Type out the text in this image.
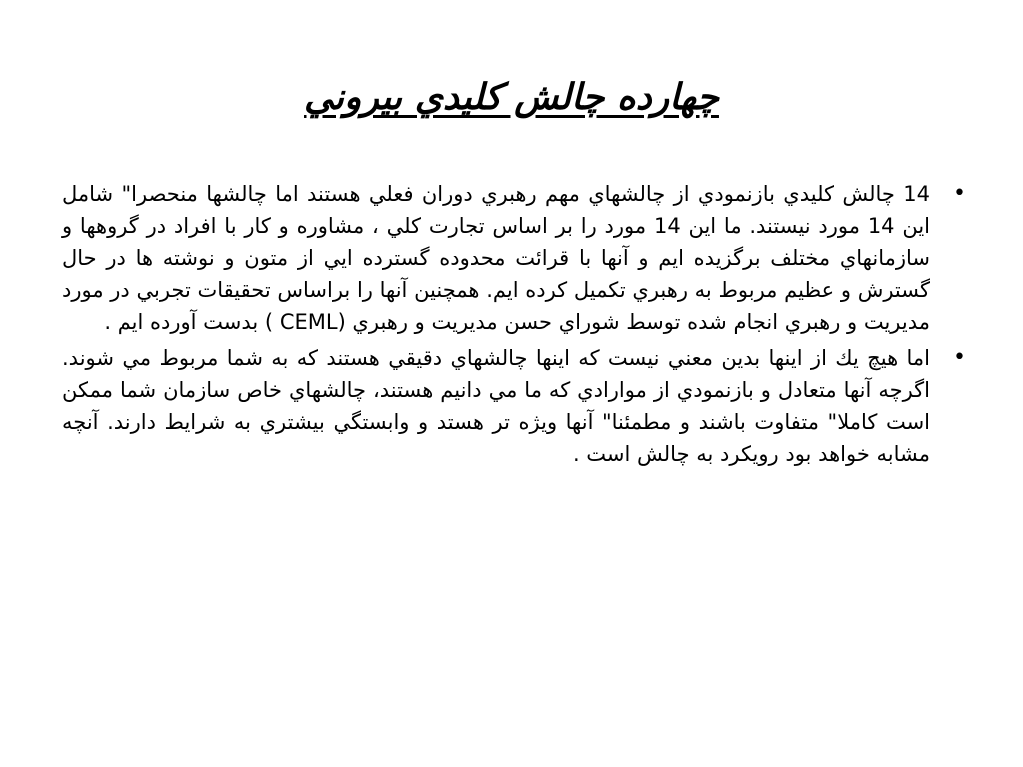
چهارده چالش كليدي بيروني
•
14 چالش كليدي بازنمودي از چالشهاي مهم رهبري دوران فعلي هستند اما چالشها منحصرا" شامل اين 14 مورد نيستند. ما اين 14 مورد را بر اساس تجارت كلي ، مشاوره و كار با افراد در گروهها و سازمانهاي مختلف برگزيده ايم و آنها با قرائت محدوده گسترده ايي از متون و نوشته ها در حال گسترش و عظيم مربوط به رهبري تكميل كرده ايم. همچنين آنها را براساس تحقيقات تجربي در مورد مديريت و رهبري انجام شده توسط شوراي حسن مديريت و رهبري (CEML ) بدست آورده ايم .
•
اما هيچ يك از اينها بدين معني نيست كه اينها چالشهاي دقيقي هستند كه به شما مربوط مي شوند. اگرچه آنها متعادل و بازنمودي از موارادي كه ما مي دانيم هستند، چالشهاي خاص سازمان شما ممكن است كاملا" متفاوت باشند و مطمئنا" آنها ويژه تر هستد و وابستگي بيشتري به شرايط دارند. آنچه مشابه خواهد بود رويكرد به چالش است .
